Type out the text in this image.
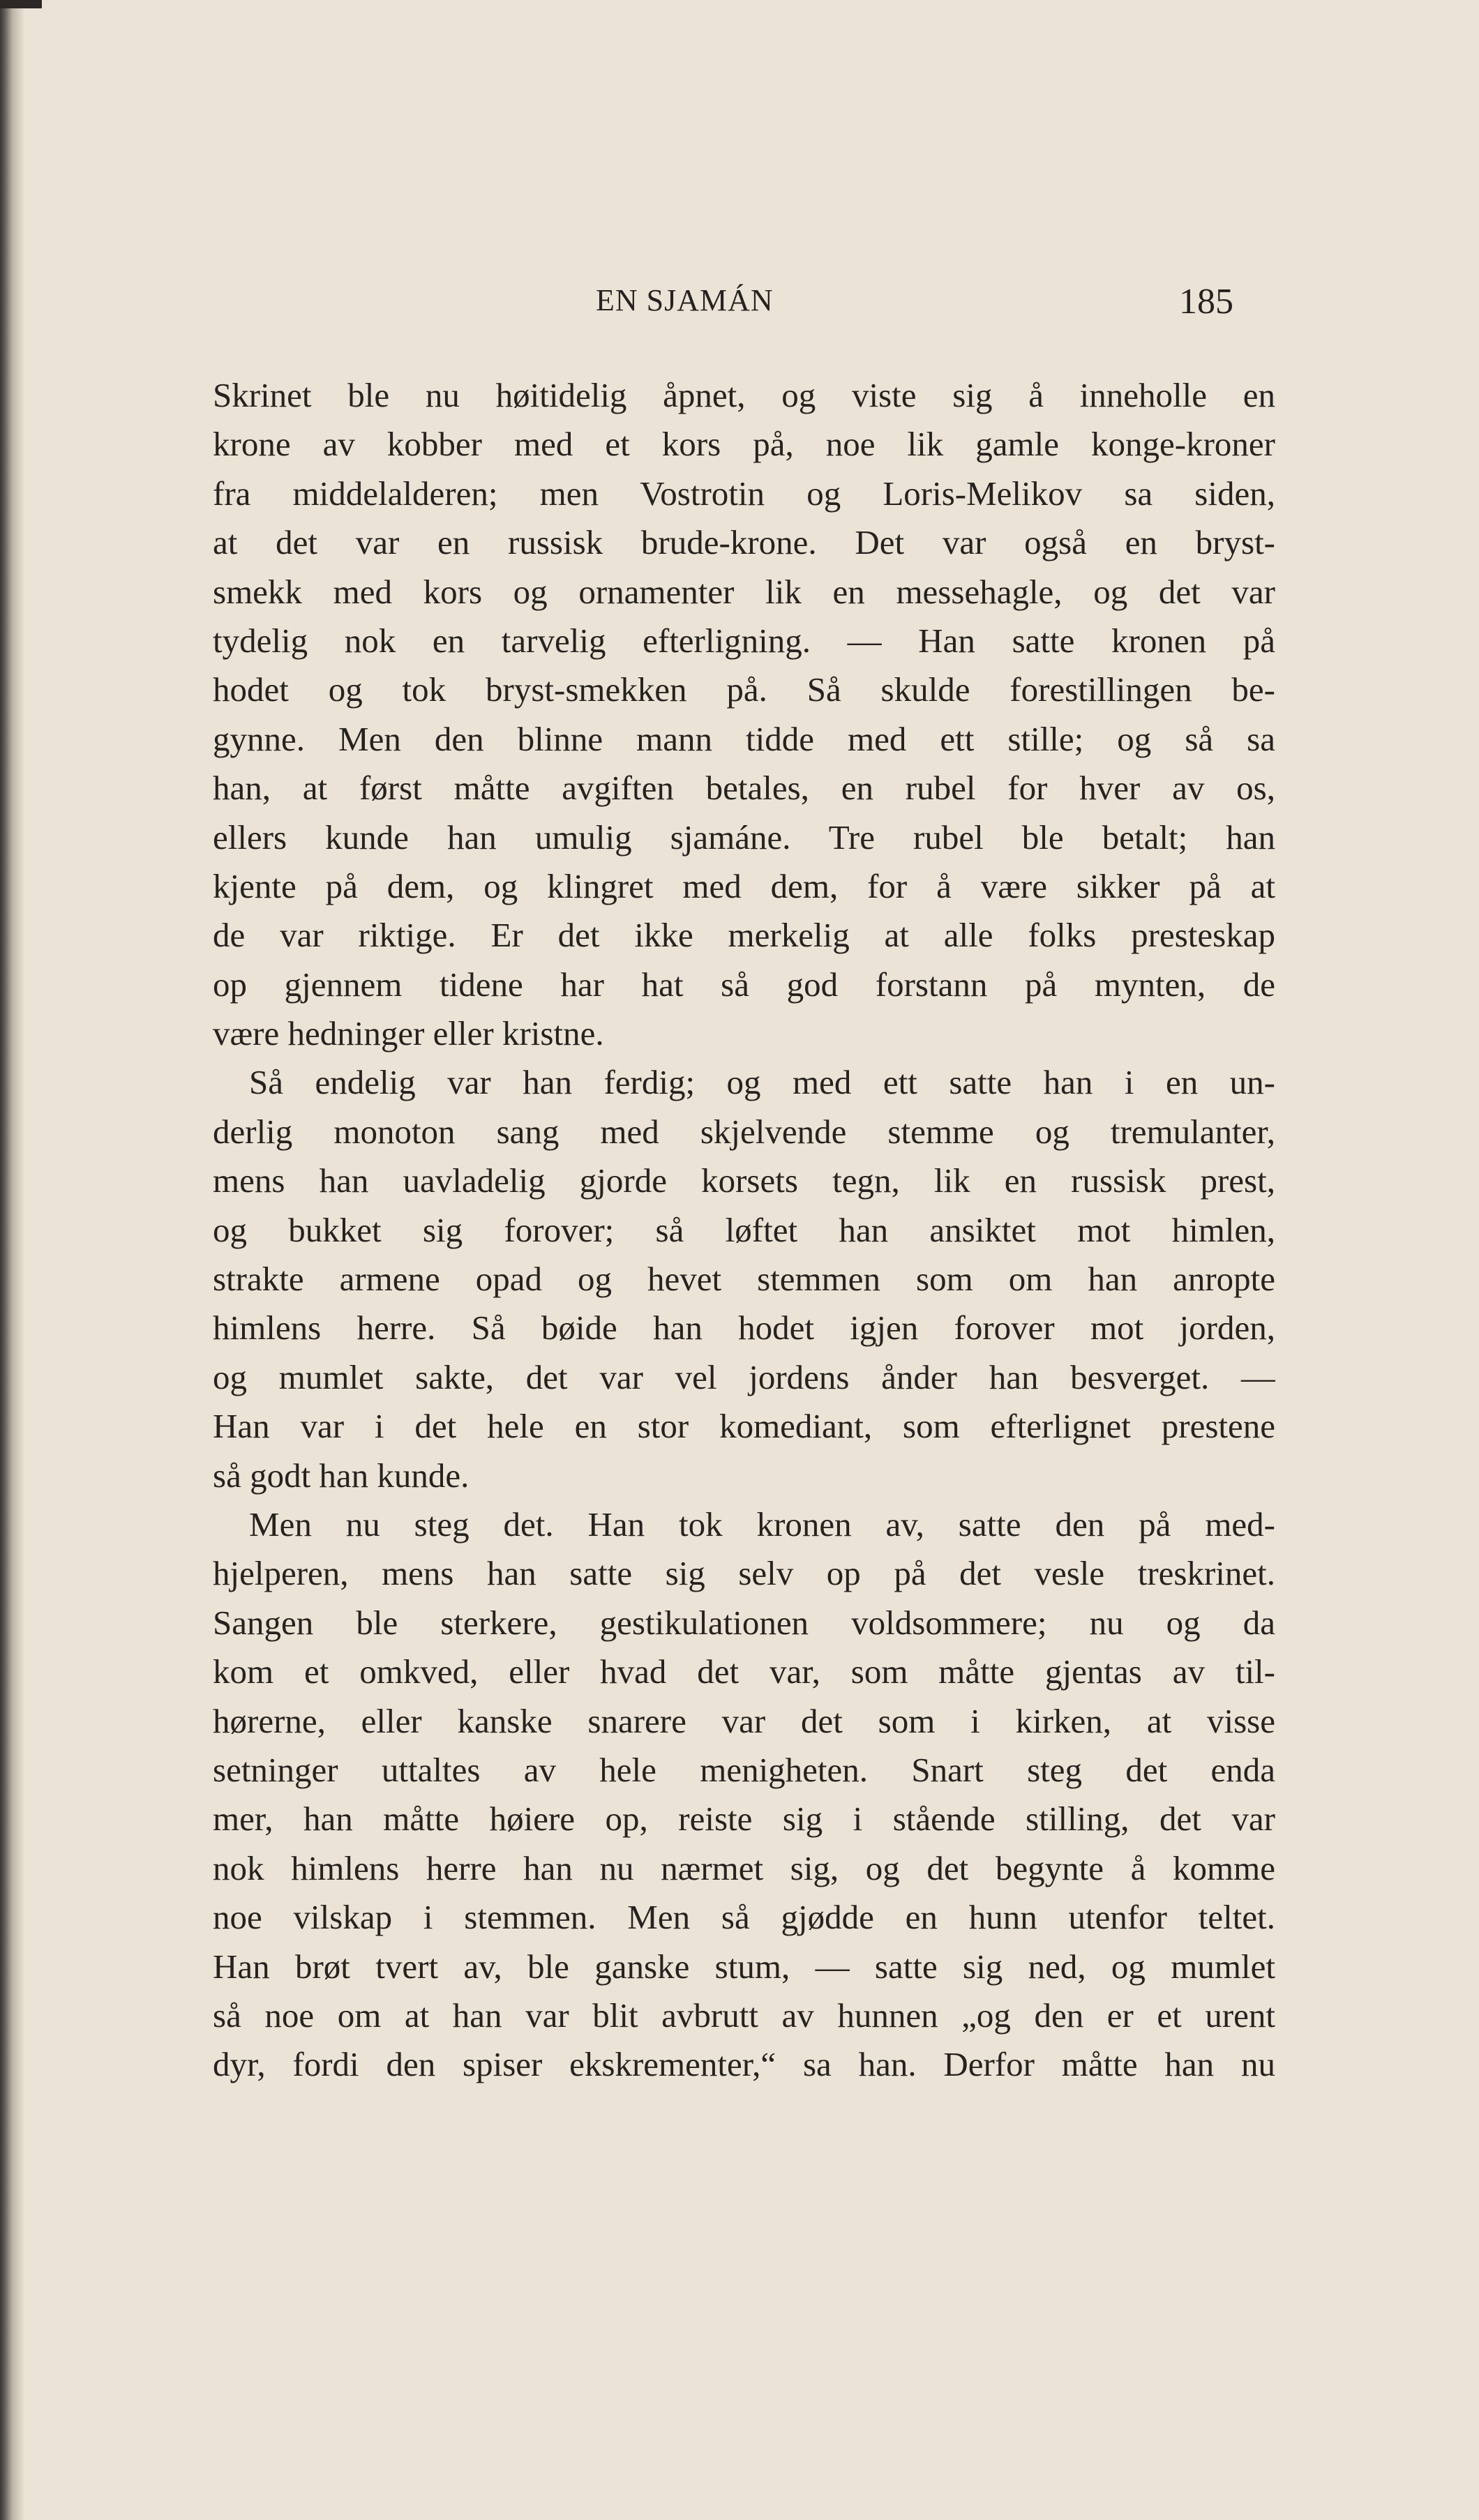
EN SJAMÁN	185
Skrinet ble nu høitidelig åpnet, og viste sig å inneholle en
krone av kobber med et kors på, noe lik gamle konge-kroner
fra middelalderen; men Vostrotin og Loris-Melikov sa siden,
at det var en russisk brude-krone. Det var også en bryst-
smekk med kors og ornamenter lik en messehagle, og det var
tydelig nok en tarvelig efterligning. — Han satte kronen på
hodet og tok bryst-smekken på. Så skulde forestillingen be-
gynne. Men den blinne mann tidde med ett stille; og så sa
han, at først måtte avgiften betales, en rubel for hver av os,
ellers kunde han umulig sjamáne. Tre rubel ble betalt; han
kjente på dem, og klingret med dem, for å være sikker på at
de var riktige. Er det ikke merkelig at alle folks presteskap
op gjennem tidene har hat så god forstann på mynten, de
være hedninger eller kristne.
Så endelig var han ferdig; og med ett satte han i en un-
derlig monoton sang med skjelvende stemme og tremulanter,
mens han uavladelig gjorde korsets tegn, lik en russisk prest,
og bukket sig forover; så løftet han ansiktet mot himlen,
strakte armene opad og hevet stemmen som om han anropte
himlens herre. Så bøide han hodet igjen forover mot jorden,
og mumlet sakte, det var vel jordens ånder han besverget. —
Han var i det hele en stor komediant, som efterlignet prestene
så godt han kunde.
Men nu steg det. Han tok kronen av, satte den på med-
hjelperen, mens han satte sig selv op på det vesle treskrinet.
Sangen ble sterkere, gestikulationen voldsommere; nu og da
kom et omkved, eller hvad det var, som måtte gjentas av til-
hørerne, eller kanske snarere var det som i kirken, at visse
setninger uttaltes av hele menigheten. Snart steg det enda
mer, han måtte høiere op, reiste sig i stående stilling, det var
nok himlens herre han nu nærmet sig, og det begynte å komme
noe vilskap i stemmen. Men så gjødde en hunn utenfor teltet.
Han brøt tvert av, ble ganske stum, — satte sig ned, og mumlet
så noe om at han var blit avbrutt av hunnen „og den er et urent
dyr, fordi den spiser ekskrementer,“ sa han. Derfor måtte han nu
